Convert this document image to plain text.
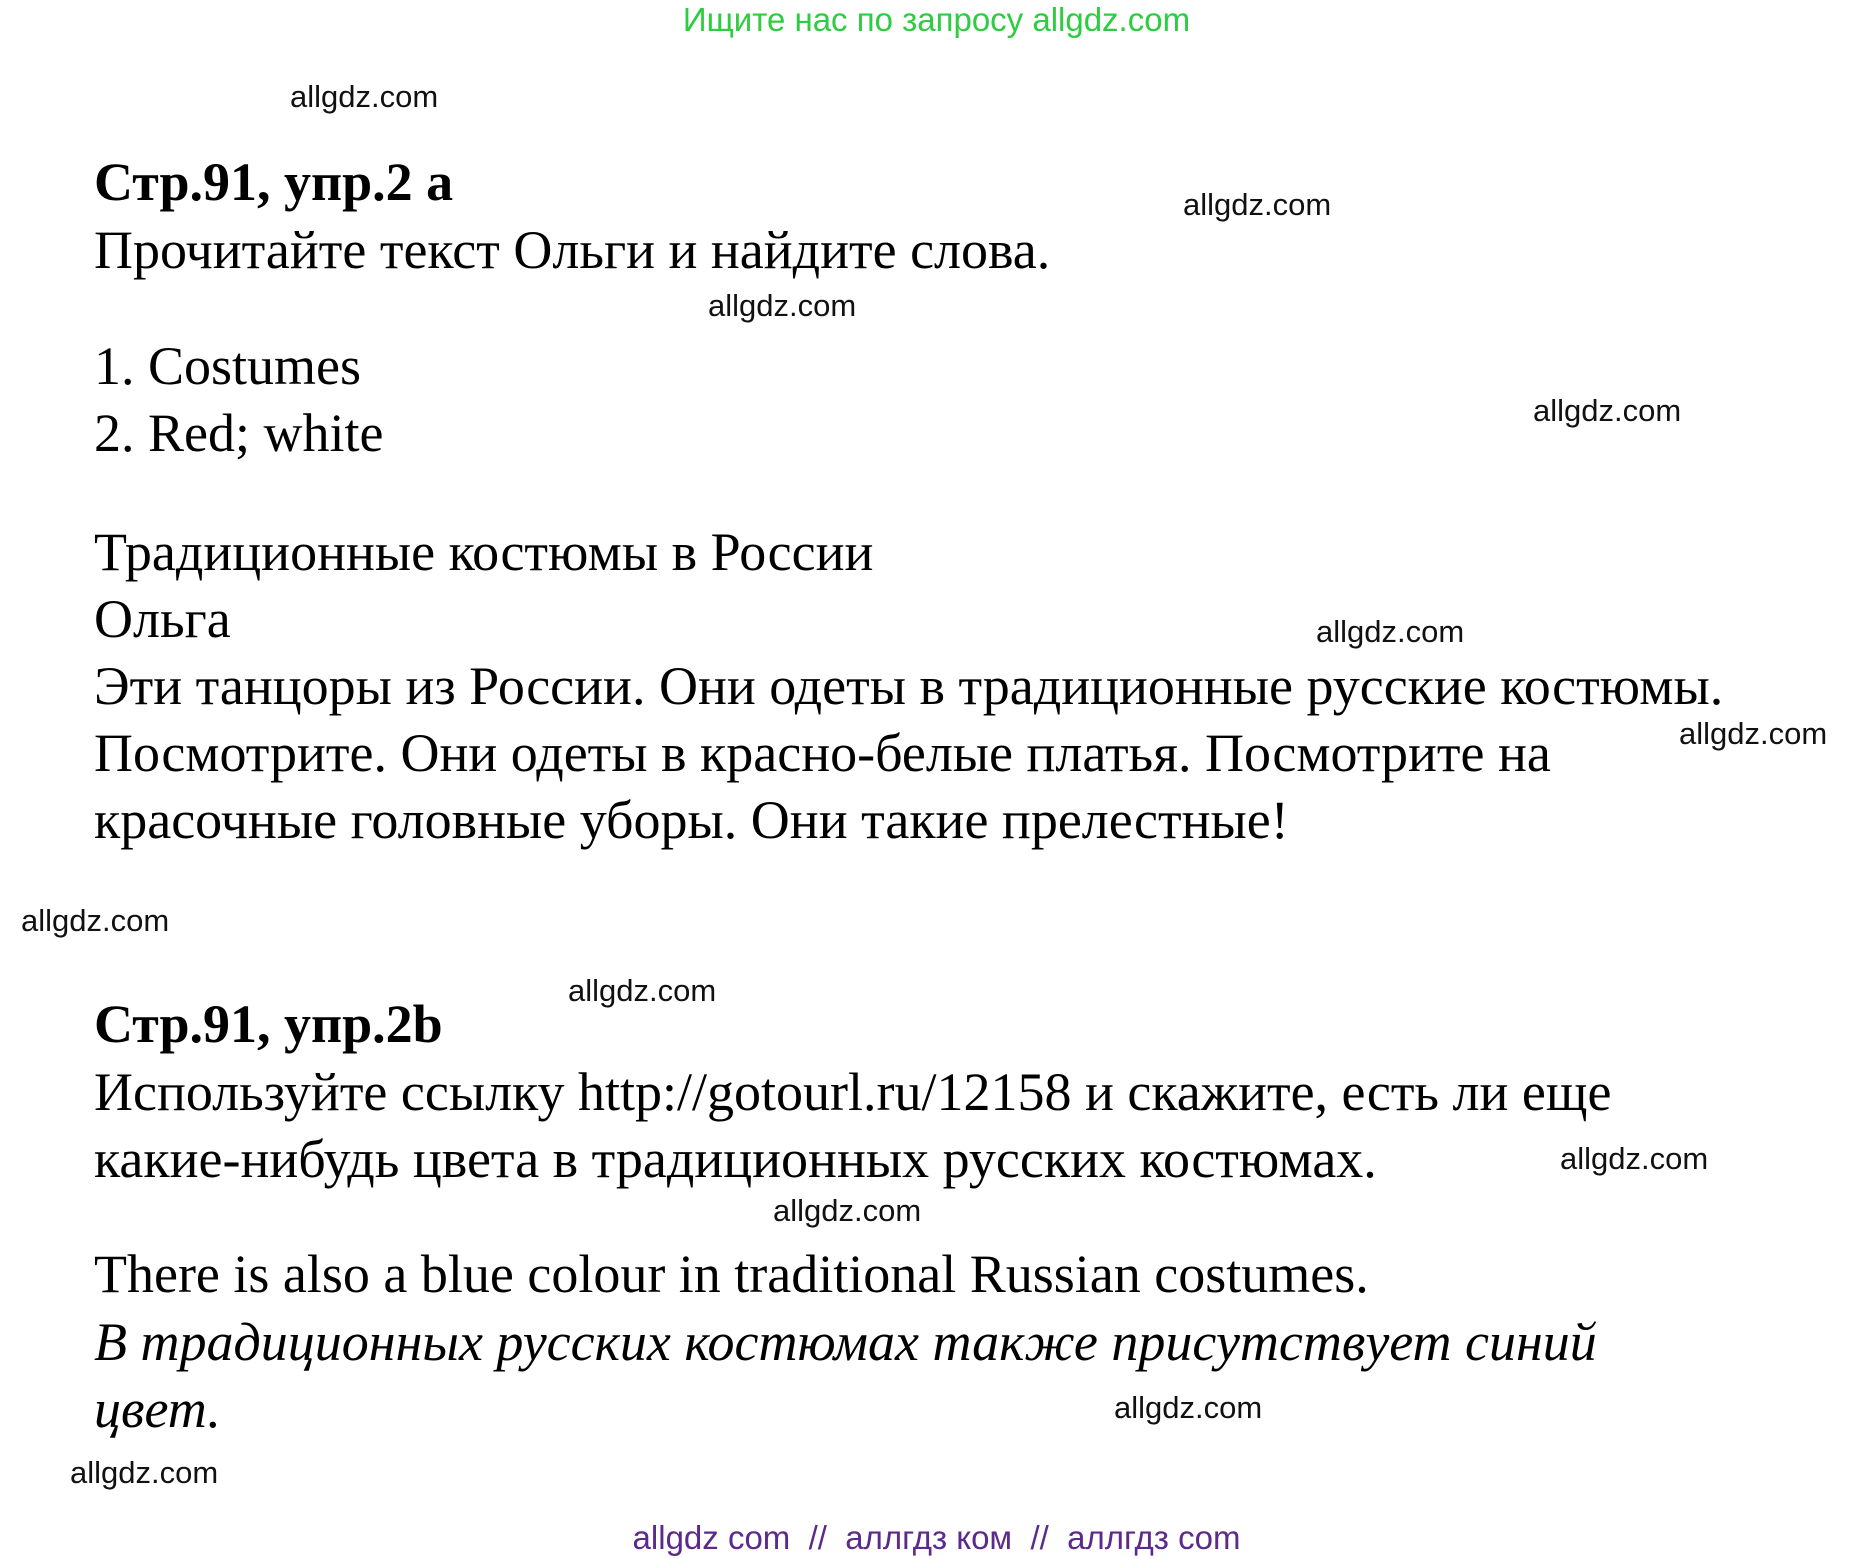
Ищите нас по запросу allgdz.com
allgdz.com
allgdz.com
allgdz.com
allgdz.com
allgdz.com
allgdz.com
allgdz.com
allgdz.com
allgdz.com
allgdz.com
allgdz.com
allgdz.com
Стр.91, упр.2 a
Прочитайте текст Ольги и найдите слова.
1. Costumes
2. Red; white
Традиционные костюмы в России
Ольга
Эти танцоры из России. Они одеты в традиционные русские костюмы.
Посмотрите. Они одеты в красно-белые платья. Посмотрите на
красочные головные уборы. Они такие прелестные!
Стр.91, упр.2b
Используйте ссылку http://gotourl.ru/12158 и скажите, есть ли еще
какие-нибудь цвета в традиционных русских костюмах.
There is also a blue colour in traditional Russian costumes.
В традиционных русских костюмах также присутствует синий
цвет.
allgdz com  //  аллгдз ком  //  аллгдз com
